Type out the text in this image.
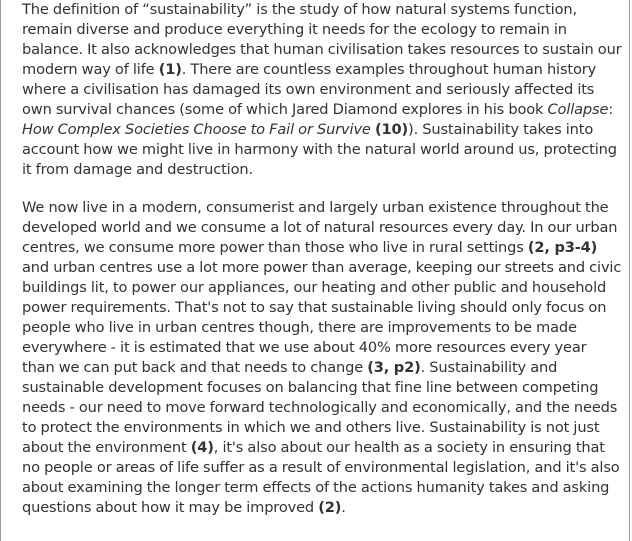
The definition of “sustainability” is the study of how natural systems function, remain diverse and produce everything it needs for the ecology to remain in balance. It also acknowledges that human civilisation takes resources to sustain our modern way of life (1). There are countless examples throughout human history where a civilisation has damaged its own environment and seriously affected its own survival chances (some of which Jared Diamond explores in his book Collapse: How Complex Societies Choose to Fail or Survive (10)). Sustainability takes into account how we might live in harmony with the natural world around us, protecting it from damage and destruction.

We now live in a modern, consumerist and largely urban existence throughout the developed world and we consume a lot of natural resources every day. In our urban centres, we consume more power than those who live in rural settings (2, p3-4) and urban centres use a lot more power than average, keeping our streets and civic buildings lit, to power our appliances, our heating and other public and household power requirements. That's not to say that sustainable living should only focus on people who live in urban centres though, there are improvements to be made everywhere - it is estimated that we use about 40% more resources every year than we can put back and that needs to change (3, p2). Sustainability and sustainable development focuses on balancing that fine line between competing needs - our need to move forward technologically and economically, and the needs to protect the environments in which we and others live. Sustainability is not just about the environment (4), it's also about our health as a society in ensuring that no people or areas of life suffer as a result of environmental legislation, and it's also about examining the longer term effects of the actions humanity takes and asking questions about how it may be improved (2).
